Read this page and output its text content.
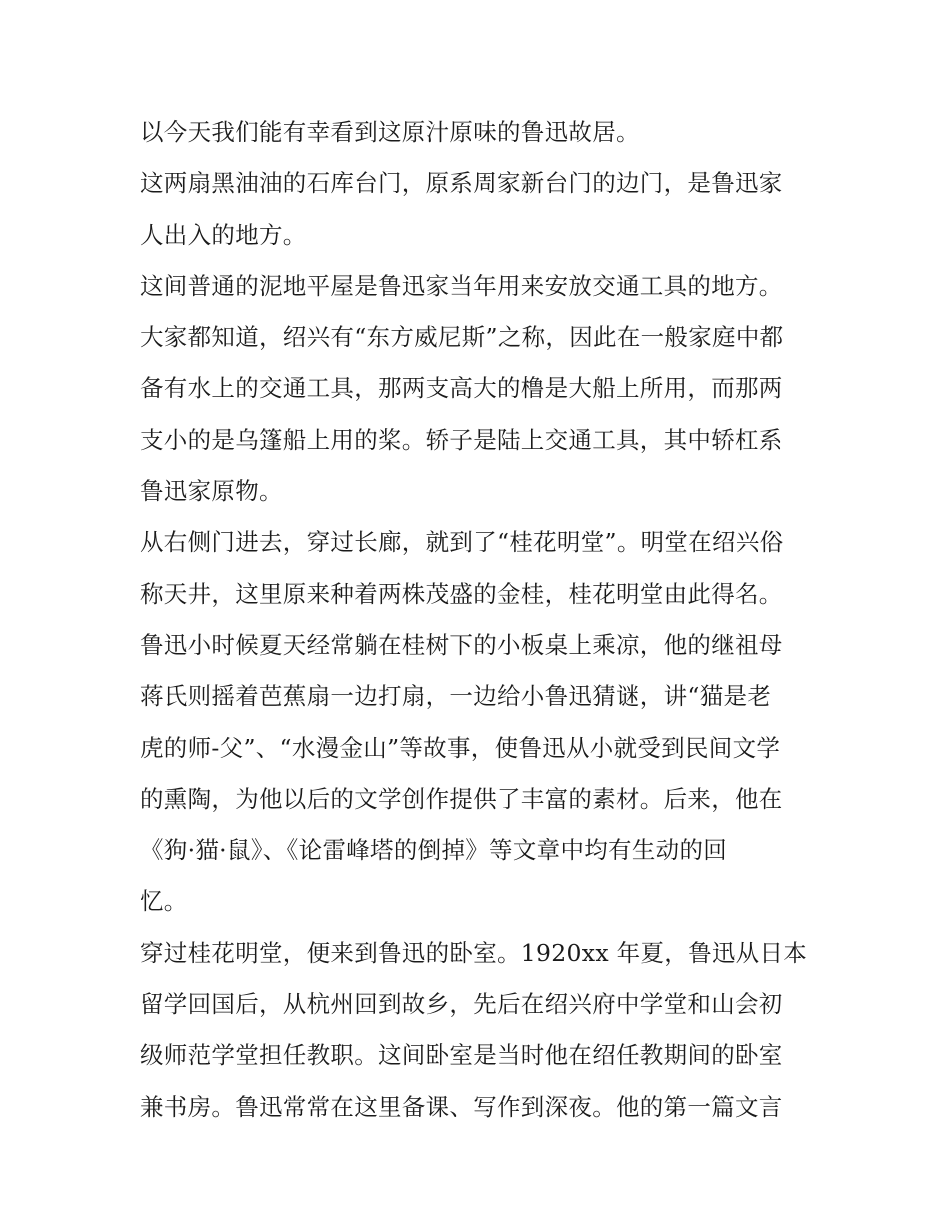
以今天我们能有幸看到这原汁原味的鲁迅故居。
这两扇黑油油的石库台门，原系周家新台门的边门，是鲁迅家
人出入的地方。
这间普通的泥地平屋是鲁迅家当年用来安放交通工具的地方。
大家都知道，绍兴有“东方威尼斯”之称，因此在一般家庭中都
备有水上的交通工具，那两支高大的橹是大船上所用，而那两
支小的是乌篷船上用的桨。轿子是陆上交通工具，其中轿杠系
鲁迅家原物。
从右侧门进去，穿过长廊，就到了“桂花明堂”。明堂在绍兴俗
称天井，这里原来种着两株茂盛的金桂，桂花明堂由此得名。
鲁迅小时候夏天经常躺在桂树下的小板桌上乘凉，他的继祖母
蒋氏则摇着芭蕉扇一边打扇，一边给小鲁迅猜谜，讲“猫是老
虎的师-父”、“水漫金山”等故事，使鲁迅从小就受到民间文学
的熏陶，为他以后的文学创作提供了丰富的素材。后来，他在
《狗·猫·鼠》、《论雷峰塔的倒掉》等文章中均有生动的回
忆。
穿过桂花明堂，便来到鲁迅的卧室。1920xx 年夏，鲁迅从日本
留学回国后，从杭州回到故乡，先后在绍兴府中学堂和山会初
级师范学堂担任教职。这间卧室是当时他在绍任教期间的卧室
兼书房。鲁迅常常在这里备课、写作到深夜。他的第一篇文言
